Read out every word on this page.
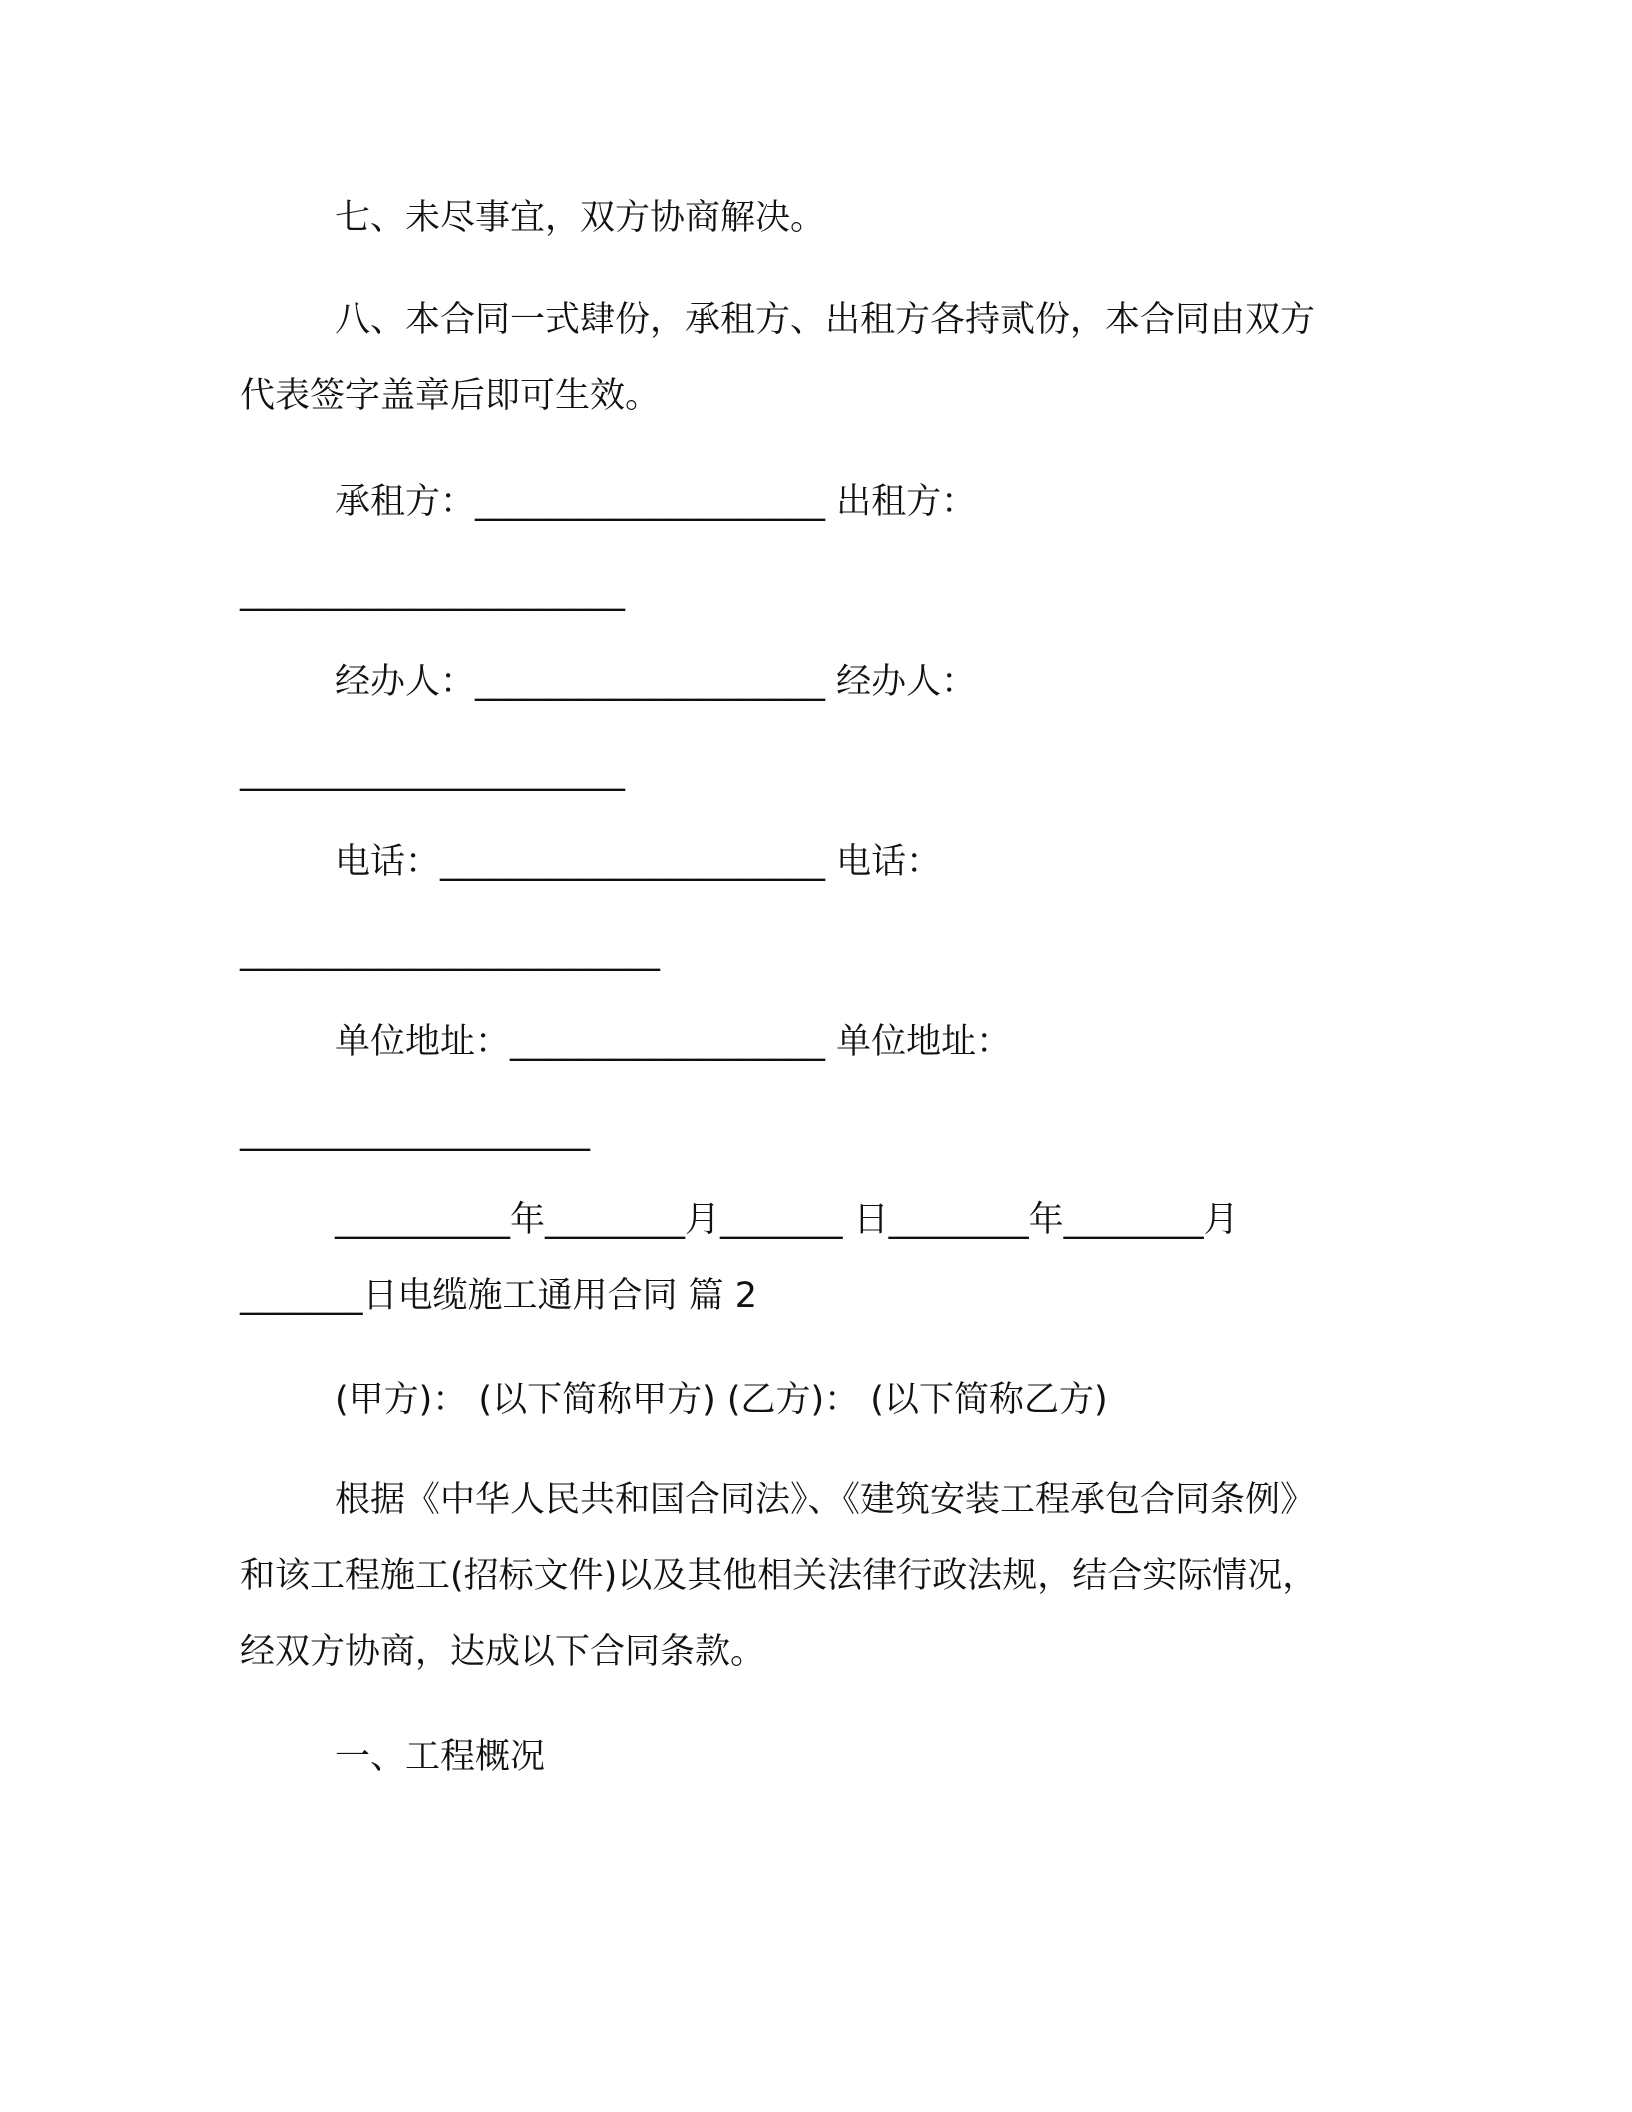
七、未尽事宜，双方协商解决。

八、本合同一式肆份，承租方、出租方各持贰份，本合同由双方

代表签字盖章后即可生效。

承租方：____________________ 出租方：

______________________

经办人：____________________ 经办人：

______________________

电话：______________________ 电话：

________________________

单位地址：__________________ 单位地址：

____________________

__________年________月_______ 日________年________月

_______日电缆施工通用合同 篇 2

(甲方)： (以下简称甲方) (乙方)： (以下简称乙方)

根据《中华人民共和国合同法》、《建筑安装工程承包合同条例》

和该工程施工(招标文件)以及其他相关法律行政法规，结合实际情况，

经双方协商，达成以下合同条款。

一、工程概况
